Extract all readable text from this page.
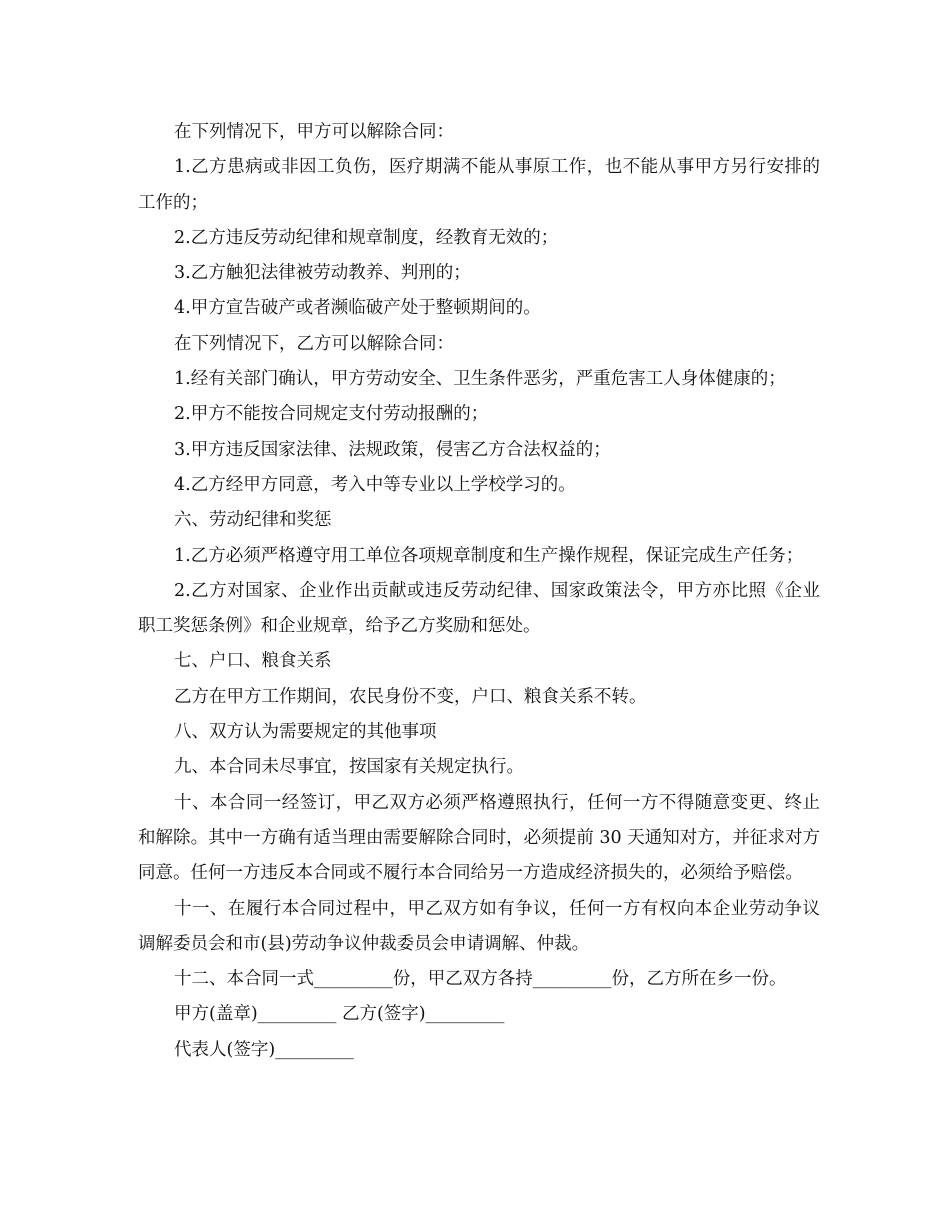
在下列情况下，甲方可以解除合同：

1.乙方患病或非因工负伤，医疗期满不能从事原工作，也不能从事甲方另行安排的工作的；

2.乙方违反劳动纪律和规章制度，经教育无效的；

3.乙方触犯法律被劳动教养、判刑的；

4.甲方宣告破产或者濒临破产处于整顿期间的。

在下列情况下，乙方可以解除合同：

1.经有关部门确认，甲方劳动安全、卫生条件恶劣，严重危害工人身体健康的；

2.甲方不能按合同规定支付劳动报酬的；

3.甲方违反国家法律、法规政策，侵害乙方合法权益的；

4.乙方经甲方同意，考入中等专业以上学校学习的。

六、劳动纪律和奖惩

1.乙方必须严格遵守用工单位各项规章制度和生产操作规程，保证完成生产任务；

2.乙方对国家、企业作出贡献或违反劳动纪律、国家政策法令，甲方亦比照《企业职工奖惩条例》和企业规章，给予乙方奖励和惩处。

七、户口、粮食关系

乙方在甲方工作期间，农民身份不变，户口、粮食关系不转。

八、双方认为需要规定的其他事项

九、本合同未尽事宜，按国家有关规定执行。

十、本合同一经签订，甲乙双方必须严格遵照执行，任何一方不得随意变更、终止和解除。其中一方确有适当理由需要解除合同时，必须提前 30 天通知对方，并征求对方同意。任何一方违反本合同或不履行本合同给另一方造成经济损失的，必须给予赔偿。

十一、在履行本合同过程中，甲乙双方如有争议，任何一方有权向本企业劳动争议调解委员会和市(县)劳动争议仲裁委员会申请调解、仲裁。

十二、本合同一式_________份，甲乙双方各持_________份，乙方所在乡一份。

甲方(盖章)_________ 乙方(签字)_________

代表人(签字)_________
